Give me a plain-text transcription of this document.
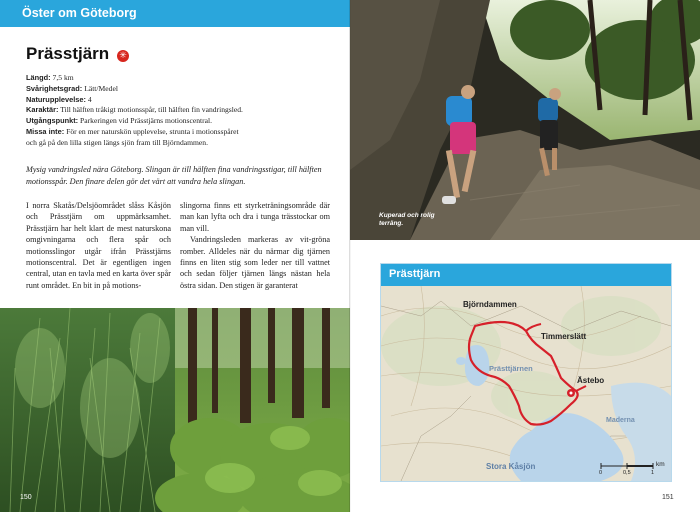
Öster om Göteborg
Prässtjärn ✳
Längd: 7,5 km
Svårighetsgrad: Lätt/Medel
Naturupplevelse: 4
Karaktär: Till hälften tråkigt motionsspår, till hälften fin vandringsled.
Utgångspunkt: Parkeringen vid Prässtjärns motionscentral.
Missa inte: För en mer naturskön upplevelse, strunta i motionsspåret
och gå på den lilla stigen längs sjön fram till Björndammen.
Mysig vandringsled nära Göteborg. Slingan är till hälften fina vandringsstigar, till hälften motionsspår. Den finare delen gör det värt att vandra hela slingan.

I norra Skatås/Delsjöområdet slåss Kåsjön och Prässtjärn om uppmärksamhet. Prässtjärn har helt klart de mest naturskona omgivningarna och flera spår och motionsslingor utgår ifrån Prässtjärns motionscentral. Det är egentligen ingen central, utan en tavla med en karta över spår runt området. En bit in på motions-

slingorna finns ett styrketräningsområde där man kan lyfta och dra i tunga trässtockar om man vill.

Vandringsleden markeras av vit-gröna romber. Alldeles när du närmar dig tjärnen finns en liten stig som leder ner till vattnet och sedan följer tjärnen längs nästan hela östra sidan. Den stigen är garanterat

150
Kuperad och rolig terräng.
Prästtjärn
Björndammen
Timmerslätt
Prästtjärnen
Ästebo
Maderna
Stora Kåsjön	km
0	0,5	1
151
